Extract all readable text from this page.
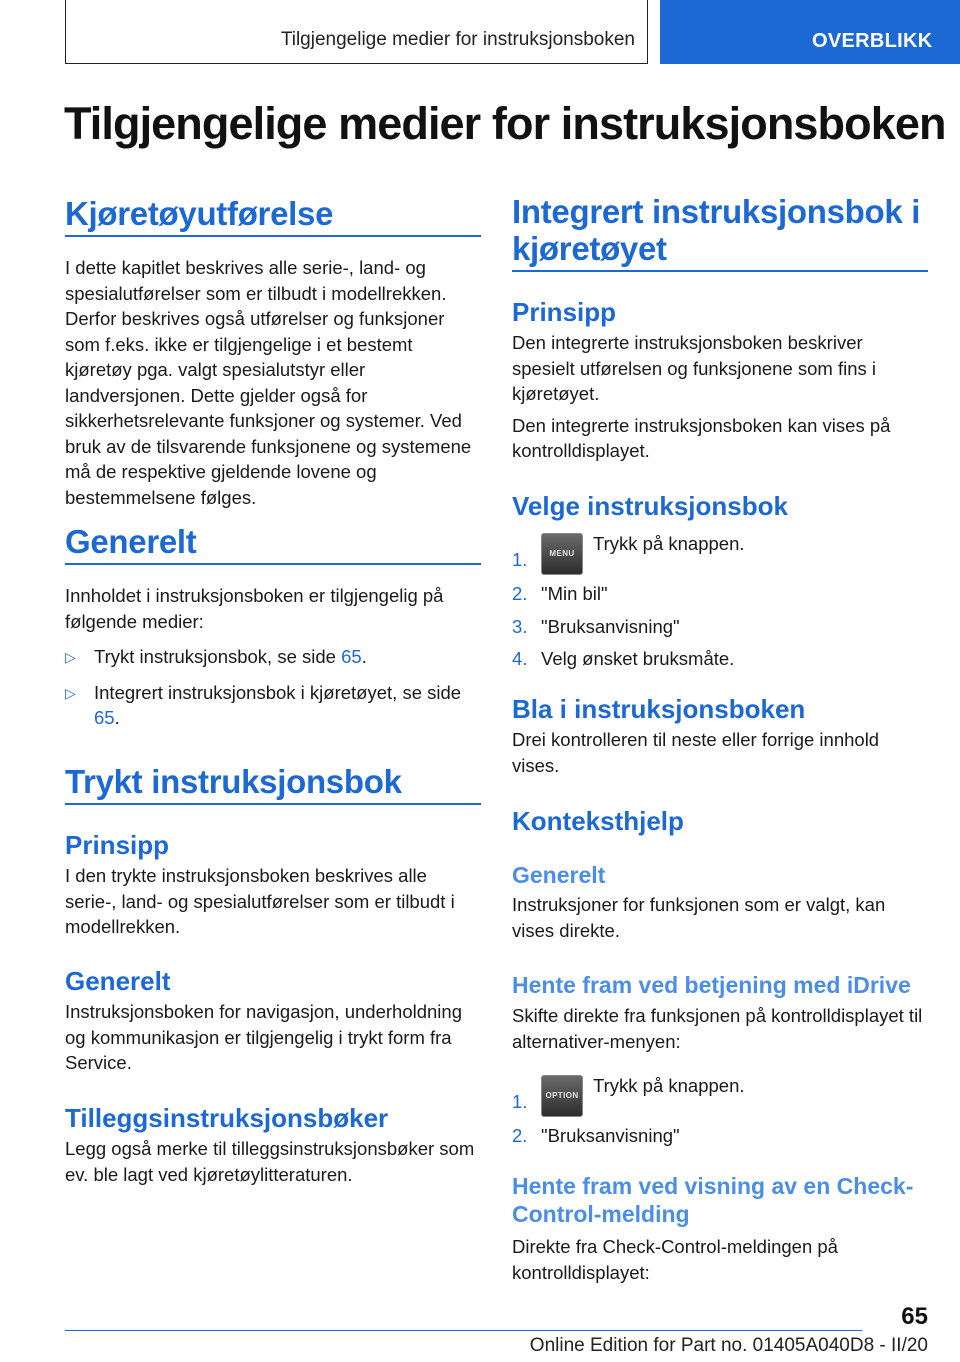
Tilgjengelige medier for instruksjonsboken	OVERBLIKK
Tilgjengelige medier for instruksjonsboken
Kjøretøyutførelse

I dette kapitlet beskrives alle serie-, land- og spesialutførelser som er tilbudt i modellrekken. Derfor beskrives også utførelser og funksjoner som f.eks. ikke er tilgjengelige i et bestemt kjøretøy pga. valgt spesialutstyr eller landversjonen. Dette gjelder også for sikkerhetsrelevante funksjoner og systemer. Ved bruk av de tilsvarende funksjonene og systemene må de respektive gjeldende lovene og bestemmelsene følges.

Generelt

Innholdet i instruksjonsboken er tilgjengelig på følgende medier:

▷ Trykt instruksjonsbok, se side 65.
▷ Integrert instruksjonsbok i kjøretøyet, se side 65.
Trykt instruksjonsbok
Prinsipp

I den trykte instruksjonsboken beskrives alle serie-, land- og spesialutførelser som er tilbudt i modellrekken.

Generelt

Instruksjonsboken for navigasjon, underholdning og kommunikasjon er tilgjengelig i trykt form fra Service.

Tilleggsinstruksjonsbøker

Legg også merke til tilleggsinstruksjonsbøker som ev. ble lagt ved kjøretøylitteraturen.

Integrert instruksjonsbok i kjøretøyet
Prinsipp

Den integrerte instruksjonsboken beskriver spesielt utførelsen og funksjonene som fins i kjøretøyet.

Den integrerte instruksjonsboken kan vises på kontrolldisplayet.

Velge instruksjonsbok
1.	MENU Trykk på knappen.
2. "Min bil"
3. "Bruksanvisning"
4. Velg ønsket bruksmåte.
Bla i instruksjonsboken

Drei kontrolleren til neste eller forrige innhold vises.

Konteksthjelp
Generelt

Instruksjoner for funksjonen som er valgt, kan vises direkte.

Hente fram ved betjening med iDrive

Skifte direkte fra funksjonen på kontrolldisplayet til alternativer-menyen:

1. OPTION Trykk på knappen.
2. "Bruksanvisning"
Hente fram ved visning av en Check-Control-melding

Direkte fra Check-Control-meldingen på kontrolldisplayet:

65
Online Edition for Part no. 01405A040D8 - II/20
